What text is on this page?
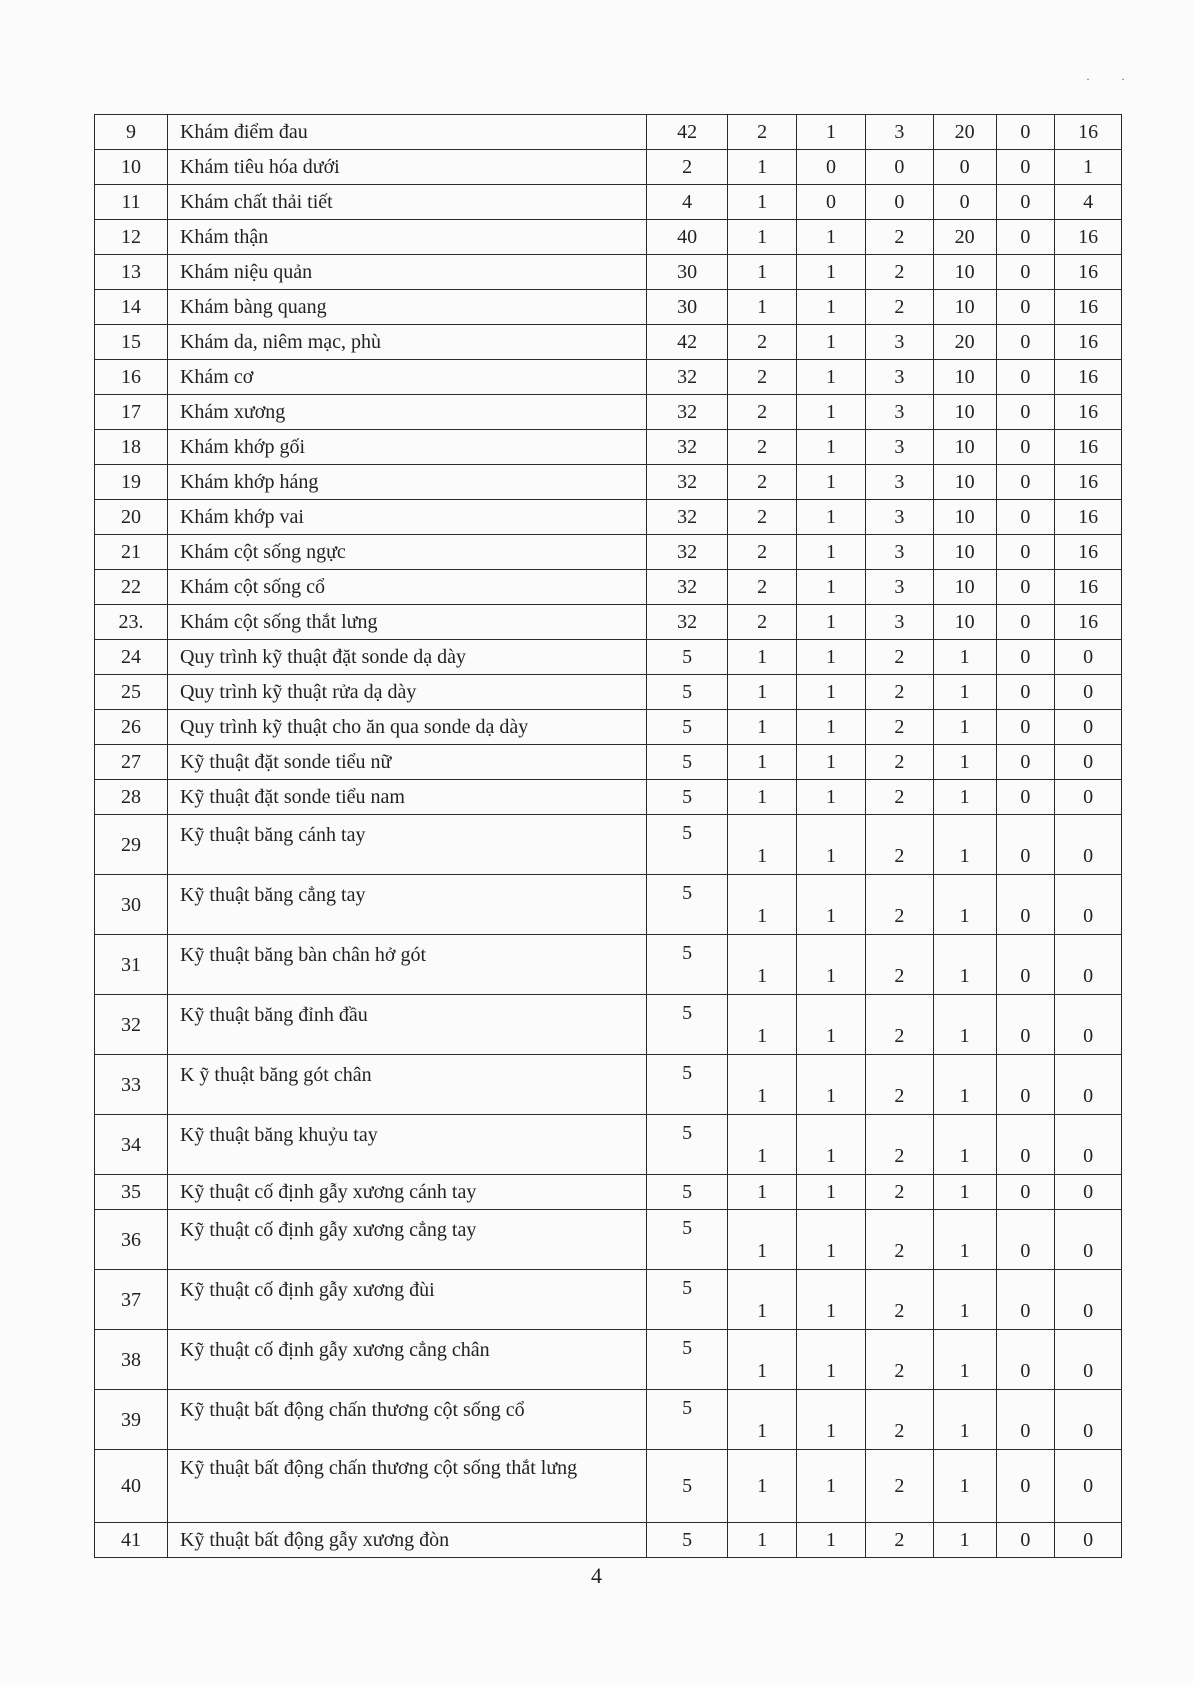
· ·
9	Khám điểm đau	42	2	1	3	20	0	16
10	Khám tiêu hóa dưới	2	1	0	0	0	0	1
11	Khám chất thải tiết	4	1	0	0	0	0	4
12	Khám thận	40	1	1	2	20	0	16
13	Khám niệu quản	30	1	1	2	10	0	16
14	Khám bàng quang	30	1	1	2	10	0	16
15	Khám da, niêm mạc, phù	42	2	1	3	20	0	16
16	Khám cơ	32	2	1	3	10	0	16
17	Khám xương	32	2	1	3	10	0	16
18	Khám khớp gối	32	2	1	3	10	0	16
19	Khám khớp háng	32	2	1	3	10	0	16
20	Khám khớp vai	32	2	1	3	10	0	16
21	Khám cột sống ngực	32	2	1	3	10	0	16
22	Khám cột sống cổ	32	2	1	3	10	0	16
23.	Khám cột sống thắt lưng	32	2	1	3	10	0	16
24	Quy trình kỹ thuật đặt sonde dạ dày	5	1	1	2	1	0	0
25	Quy trình kỹ thuật rửa dạ dày	5	1	1	2	1	0	0
26	Quy trình kỹ thuật cho ăn qua sonde dạ dày	5	1	1	2	1	0	0
27	Kỹ thuật đặt sonde tiểu nữ	5	1	1	2	1	0	0
28	Kỹ thuật đặt sonde tiểu nam	5	1	1	2	1	0	0
29	Kỹ thuật băng cánh tay	5	1	1	2	1	0	0
30	Kỹ thuật băng cẳng tay	5	1	1	2	1	0	0
31	Kỹ thuật băng bàn chân hở gót	5	1	1	2	1	0	0
32	Kỹ thuật băng đỉnh đầu	5	1	1	2	1	0	0
33	K ỹ thuật băng gót chân	5	1	1	2	1	0	0
34	Kỹ thuật băng khuỷu tay	5	1	1	2	1	0	0
35	Kỹ thuật cố định gẫy xương cánh tay	5	1	1	2	1	0	0
36	Kỹ thuật cố định gẫy xương cẳng tay	5	1	1	2	1	0	0
37	Kỹ thuật cố định gẫy xương đùi	5	1	1	2	1	0	0
38	Kỹ thuật cố định gẫy xương cẳng chân	5	1	1	2	1	0	0
39	Kỹ thuật bất động chấn thương cột sống cổ	5	1	1	2	1	0	0
40	Kỹ thuật bất động chấn thương cột sống thắt lưng	5	1	1	2	1	0	0
41	Kỹ thuật bất động gẫy xương đòn	5	1	1	2	1	0	0
4
